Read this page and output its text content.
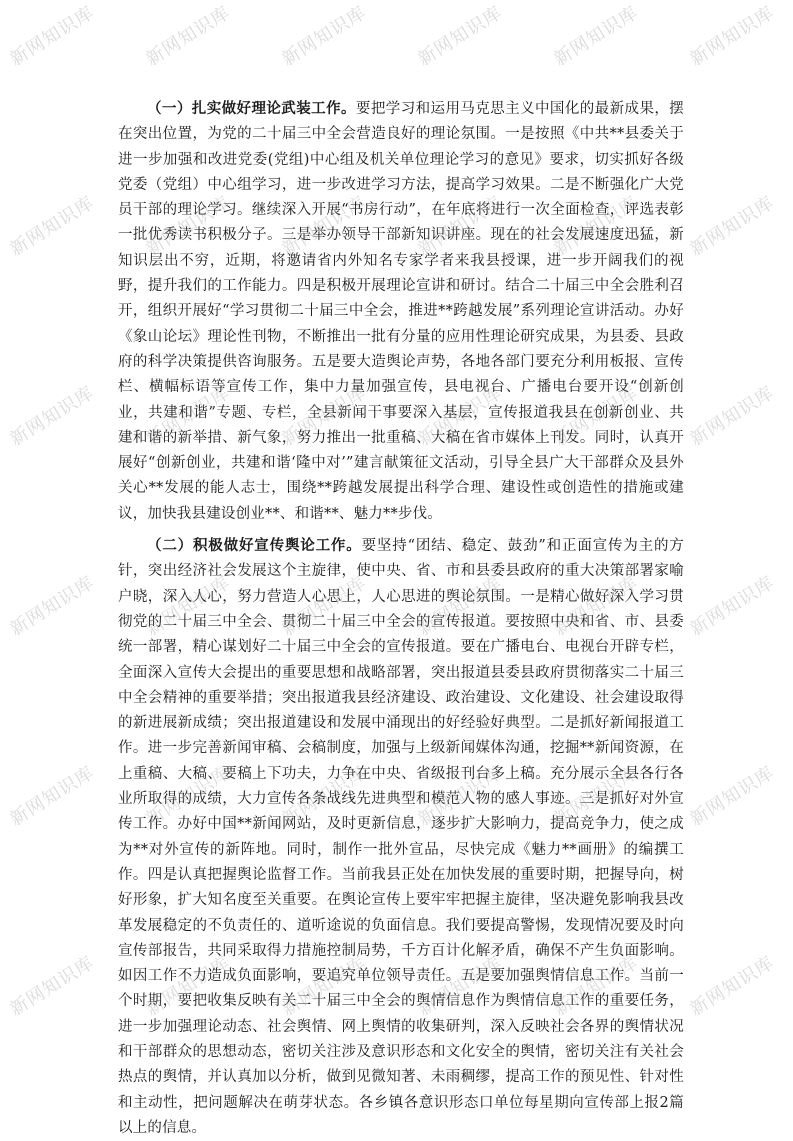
（一）扎实做好理论武装工作。要把学习和运用马克思主义中国化的最新成果，摆在突出位置，为党的二十届三中全会营造良好的理论氛围。一是按照《中共**县委关于进一步加强和改进党委(党组)中心组及机关单位理论学习的意见》要求，切实抓好各级党委（党组）中心组学习，进一步改进学习方法，提高学习效果。二是不断强化广大党员干部的理论学习。继续深入开展“书房行动”，在年底将进行一次全面检查，评选表彰一批优秀读书积极分子。三是举办领导干部新知识讲座。现在的社会发展速度迅猛，新知识层出不穷，近期，将邀请省内外知名专家学者来我县授课，进一步开阔我们的视野，提升我们的工作能力。四是积极开展理论宣讲和研讨。结合二十届三中全会胜利召开，组织开展好“学习贯彻二十届三中全会，推进**跨越发展”系列理论宣讲活动。办好《象山论坛》理论性刊物，不断推出一批有分量的应用性理论研究成果，为县委、县政府的科学决策提供咨询服务。五是要大造舆论声势，各地各部门要充分利用板报、宣传栏、横幅标语等宣传工作，集中力量加强宣传，县电视台、广播电台要开设“创新创业，共建和谐”专题、专栏，全县新闻干事要深入基层，宣传报道我县在创新创业、共建和谐的新举措、新气象，努力推出一批重稿、大稿在省市媒体上刊发。同时，认真开展好“创新创业，共建和谐‘隆中对’”建言献策征文活动，引导全县广大干部群众及县外关心**发展的能人志士，围绕**跨越发展提出科学合理、建设性或创造性的措施或建议，加快我县建设创业**、和谐**、魅力**步伐。

（二）积极做好宣传舆论工作。要坚持“团结、稳定、鼓劲”和正面宣传为主的方针，突出经济社会发展这个主旋律，使中央、省、市和县委县政府的重大决策部署家喻户晓，深入人心，努力营造人心思上，人心思进的舆论氛围。一是精心做好深入学习贯彻党的二十届三中全会、贯彻二十届三中全会的宣传报道。要按照中央和省、市、县委统一部署，精心谋划好二十届三中全会的宣传报道。要在广播电台、电视台开辟专栏，全面深入宣传大会提出的重要思想和战略部署，突出报道县委县政府贯彻落实二十届三中全会精神的重要举措；突出报道我县经济建设、政治建设、文化建设、社会建设取得的新进展新成绩；突出报道建设和发展中涌现出的好经验好典型。二是抓好新闻报道工作。进一步完善新闻审稿、会稿制度，加强与上级新闻媒体沟通，挖掘**新闻资源，在上重稿、大稿、要稿上下功夫，力争在中央、省级报刊台多上稿。充分展示全县各行各业所取得的成绩，大力宣传各条战线先进典型和模范人物的感人事迹。三是抓好对外宣传工作。办好中国**新闻网站，及时更新信息，逐步扩大影响力，提高竞争力，使之成为**对外宣传的新阵地。同时，制作一批外宣品，尽快完成《魅力**画册》的编撰工作。四是认真把握舆论监督工作。当前我县正处在加快发展的重要时期，把握导向，树好形象，扩大知名度至关重要。在舆论宣传上要牢牢把握主旋律，坚决避免影响我县改革发展稳定的不负责任的、道听途说的负面信息。我们要提高警惕，发现情况要及时向宣传部报告，共同采取得力措施控制局势，千方百计化解矛盾，确保不产生负面影响。如因工作不力造成负面影响，要追究单位领导责任。五是要加强舆情信息工作。当前一个时期，要把收集反映有关二十届三中全会的舆情信息作为舆情信息工作的重要任务，进一步加强理论动态、社会舆情、网上舆情的收集研判，深入反映社会各界的舆情状况和干部群众的思想动态，密切关注涉及意识形态和文化安全的舆情，密切关注有关社会热点的舆情，并认真加以分析，做到见微知著、未雨稠缪，提高工作的预见性、针对性和主动性，把问题解决在萌芽状态。各乡镇各意识形态口单位每星期向宣传部上报2篇以上的信息。

新网知识库 新网知识库 新网知识库 新网知识库 新网知识库 新网知识库
新网知识库 新网知识库 新网知识库 新网知识库 新网知识库 新网知识库
新网知识库 新网知识库 新网知识库 新网知识库 新网知识库 新网知识库
新网知识库 新网知识库 新网知识库 新网知识库 新网知识库 新网知识库
新网知识库 新网知识库 新网知识库 新网知识库 新网知识库 新网知识库
新网知识库 新网知识库 新网知识库 新网知识库 新网知识库 新网知识库
